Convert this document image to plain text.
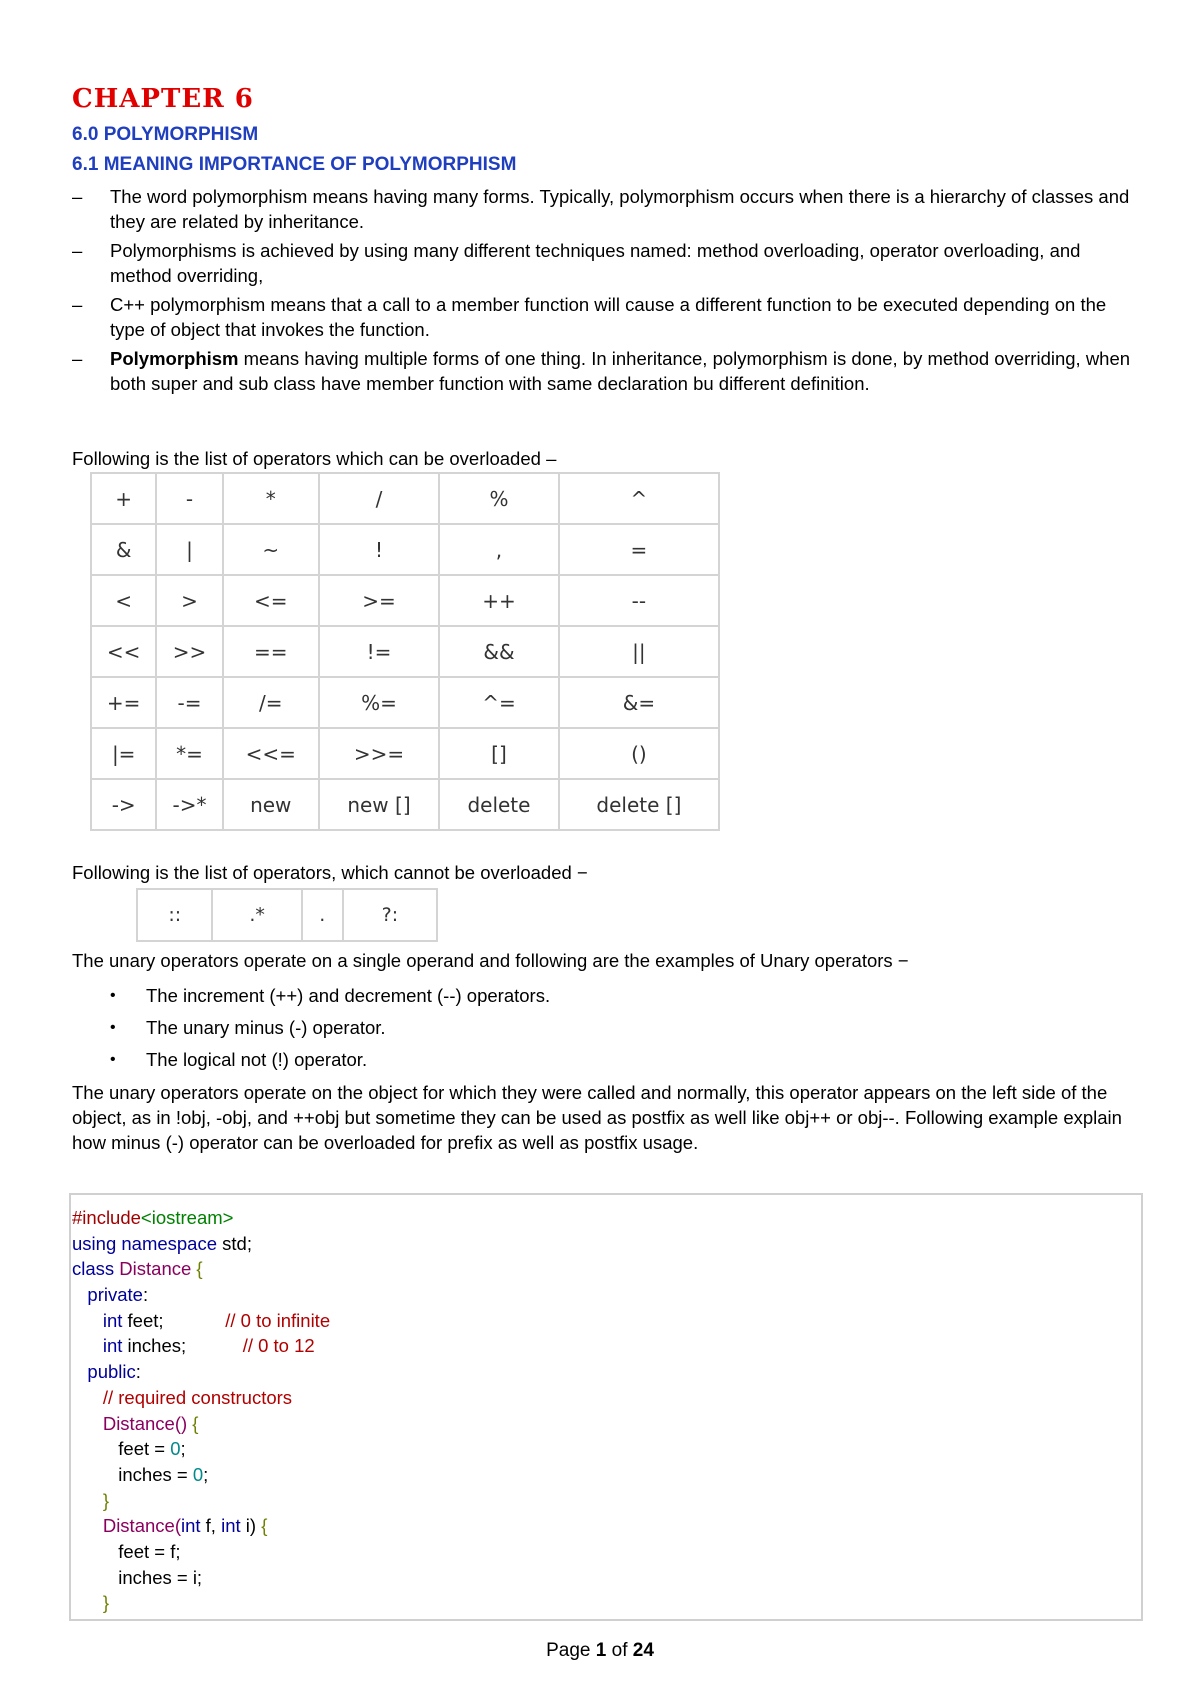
CHAPTER 6
6.0 POLYMORPHISM
6.1 MEANING IMPORTANCE OF POLYMORPHISM
– The word polymorphism means having many forms. Typically, polymorphism occurs when there is a hierarchy of classes and they are related by inheritance.
– Polymorphisms is achieved by using many different techniques named: method overloading, operator overloading, and method overriding,
– C++ polymorphism means that a call to a member function will cause a different function to be executed depending on the type of object that invokes the function.
– Polymorphism means having multiple forms of one thing. In inheritance, polymorphism is done, by method overriding, when both super and sub class have member function with same declaration bu different definition.
Following is the list of operators which can be overloaded –
+	-	*	/	%	^
&	|	~	!	,	=
<	>	<=	>=	++	--
<<	>>	==	!=	&&	||
+=	-=	/=	%=	^=	&=
|=	*=	<<=	>>=	[]	()
->	->*	new	new []	delete	delete []
Following is the list of operators, which cannot be overloaded −
::	.*	.	?:
The unary operators operate on a single operand and following are the examples of Unary operators −
• The increment (++) and decrement (--) operators.
• The unary minus (-) operator.
• The logical not (!) operator.

The unary operators operate on the object for which they were called and normally, this operator appears on the left side of the object, as in !obj, -obj, and ++obj but sometime they can be used as postfix as well like obj++ or obj--. Following example explain how minus (-) operator can be overloaded for prefix as well as postfix usage.

#include<iostream>
using namespace std;
class Distance {
private:
int feet;            // 0 to infinite
int inches;           // 0 to 12
public:
// required constructors
Distance() {
feet = 0;
inches = 0;
}
Distance(int f, int i) {
feet = f;
inches = i;
}
Page 1 of 24
